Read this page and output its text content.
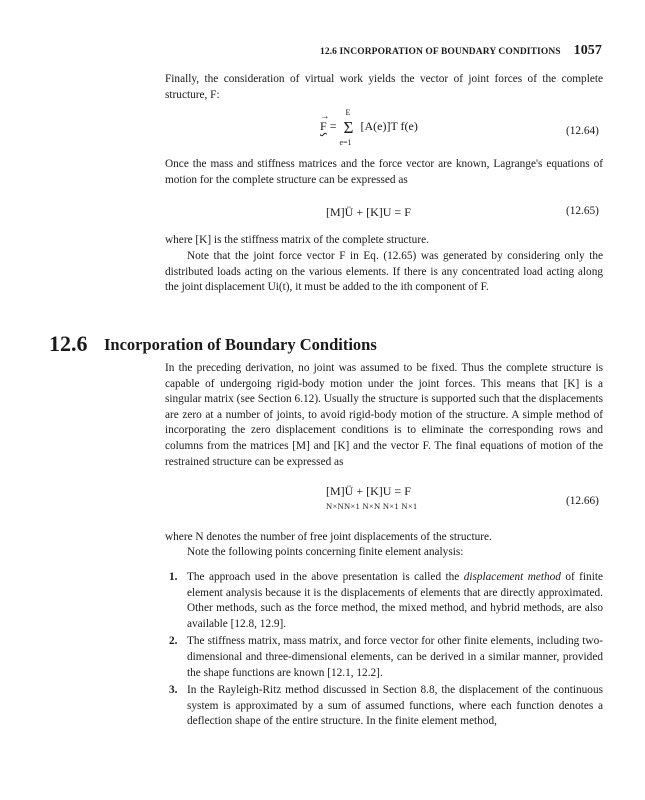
12.6 INCORPORATION OF BOUNDARY CONDITIONS 1057

Finally, the consideration of virtual work yields the vector of joint forces of the complete structure, F:

→ F =
E
Σ
e=1
[A(e)]T f(e)	(12.64)

Once the mass and stiffness matrices and the force vector are known, Lagrange's equations of motion for the complete structure can be expressed as

[M]Ü + [K]U = F	(12.65)

where [K] is the stiffness matrix of the complete structure.

Note that the joint force vector F in Eq. (12.65) was generated by considering only the distributed loads acting on the various elements. If there is any concentrated load acting along the joint displacement Ui(t), it must be added to the ith component of F.

12.6 Incorporation of Boundary Conditions

In the preceding derivation, no joint was assumed to be fixed. Thus the complete structure is capable of undergoing rigid-body motion under the joint forces. This means that [K] is a singular matrix (see Section 6.12). Usually the structure is supported such that the displacements are zero at a number of joints, to avoid rigid-body motion of the structure. A simple method of incorporating the zero displacement conditions is to eliminate the corresponding rows and columns from the matrices [M] and [K] and the vector F. The final equations of motion of the restrained structure can be expressed as

[M]Ü + [K]U = F
N×NN×1 N×N N×1 N×1	(12.66)

where N denotes the number of free joint displacements of the structure.

Note the following points concerning finite element analysis:

1. The approach used in the above presentation is called the displacement method of finite element analysis because it is the displacements of elements that are directly approximated. Other methods, such as the force method, the mixed method, and hybrid methods, are also available [12.8, 12.9].
2. The stiffness matrix, mass matrix, and force vector for other finite elements, including two-dimensional and three-dimensional elements, can be derived in a similar manner, provided the shape functions are known [12.1, 12.2].
3. In the Rayleigh-Ritz method discussed in Section 8.8, the displacement of the continuous system is approximated by a sum of assumed functions, where each function denotes a deflection shape of the entire structure. In the finite element method,
